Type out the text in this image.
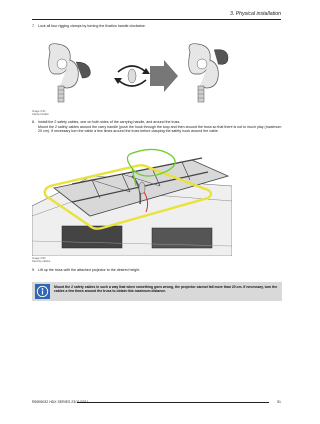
3. Physical installation
7. Lock all four rigging clamps by turning the fixation handle clockwise.
Image 3-51
Clamp fixation
8. Install the 2 safety cables, one on both sides of the carrying handle, and around the truss.
Mount the 2 safety cables around the carry handle (push the hook through the loop and then around the truss so that there is not to much play (maximum 20 cm). If necessary turn the cable a few times around the truss before clasping the safety hook around the cable.
Image 3-52
Security cables
9. Lift up the truss with the attached projector to the desired height.
Mount the 2 safety cables in such a way that when something goes wrong, the projector cannot fall more than 20 cm. If necessary, turn the cables a few times around the truss to obtain this maximum distance.
R5905032 HDX SERIES 23/11/2011	51
